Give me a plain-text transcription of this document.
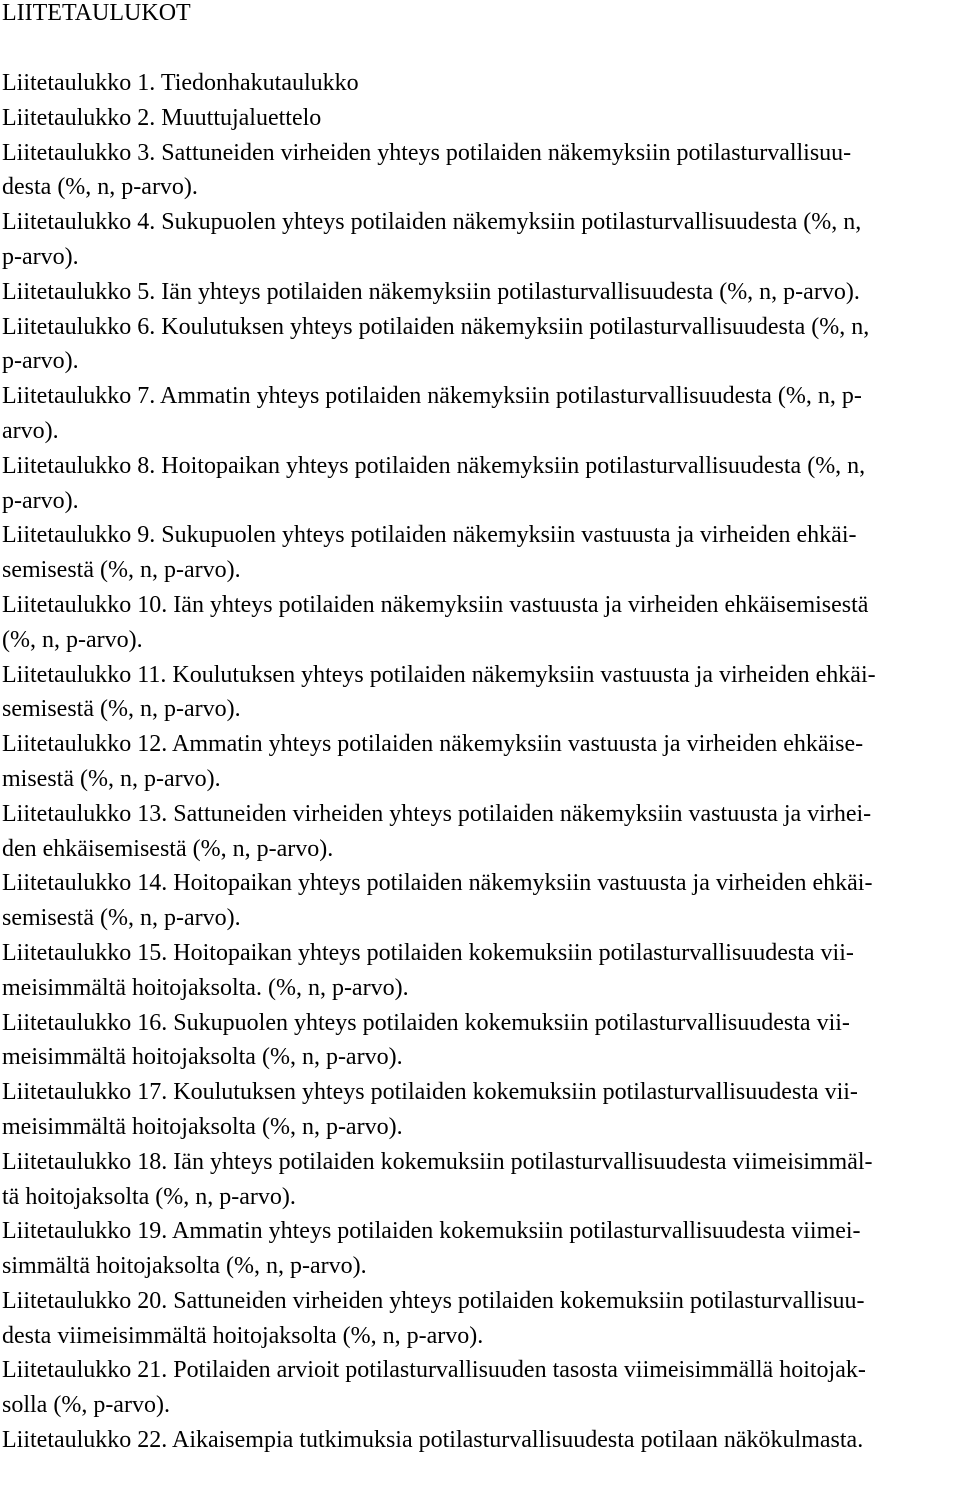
LIITETAULUKOT
Liitetaulukko 1. Tiedonhakutaulukko
Liitetaulukko 2. Muuttujaluettelo
Liitetaulukko 3. Sattuneiden virheiden yhteys potilaiden näkemyksiin potilasturvallisuu-
desta (%, n, p-arvo).
Liitetaulukko 4. Sukupuolen yhteys potilaiden näkemyksiin potilasturvallisuudesta (%, n,
p-arvo).
Liitetaulukko 5. Iän yhteys potilaiden näkemyksiin potilasturvallisuudesta (%, n, p-arvo).
Liitetaulukko 6. Koulutuksen yhteys potilaiden näkemyksiin potilasturvallisuudesta (%, n,
p-arvo).
Liitetaulukko 7. Ammatin yhteys potilaiden näkemyksiin potilasturvallisuudesta (%, n, p-
arvo).
Liitetaulukko 8. Hoitopaikan yhteys potilaiden näkemyksiin potilasturvallisuudesta (%, n,
p-arvo).
Liitetaulukko 9. Sukupuolen yhteys potilaiden näkemyksiin vastuusta ja virheiden ehkäi-
semisestä (%, n, p-arvo).
Liitetaulukko 10. Iän yhteys potilaiden näkemyksiin vastuusta ja virheiden ehkäisemisestä
(%, n, p-arvo).
Liitetaulukko 11. Koulutuksen yhteys potilaiden näkemyksiin vastuusta ja virheiden ehkäi-
semisestä (%, n, p-arvo).
Liitetaulukko 12. Ammatin yhteys potilaiden näkemyksiin vastuusta ja virheiden ehkäise-
misestä (%, n, p-arvo).
Liitetaulukko 13. Sattuneiden virheiden yhteys potilaiden näkemyksiin vastuusta ja virhei-
den ehkäisemisestä (%, n, p-arvo).
Liitetaulukko 14. Hoitopaikan yhteys potilaiden näkemyksiin vastuusta ja virheiden ehkäi-
semisestä (%, n, p-arvo).
Liitetaulukko 15. Hoitopaikan yhteys potilaiden kokemuksiin potilasturvallisuudesta vii-
meisimmältä hoitojaksolta. (%, n, p-arvo).
Liitetaulukko 16. Sukupuolen yhteys potilaiden kokemuksiin potilasturvallisuudesta vii-
meisimmältä hoitojaksolta (%, n, p-arvo).
Liitetaulukko 17. Koulutuksen yhteys potilaiden kokemuksiin potilasturvallisuudesta vii-
meisimmältä hoitojaksolta (%, n, p-arvo).
Liitetaulukko 18. Iän yhteys potilaiden kokemuksiin potilasturvallisuudesta viimeisimmäl-
tä hoitojaksolta (%, n, p-arvo).
Liitetaulukko 19. Ammatin yhteys potilaiden kokemuksiin potilasturvallisuudesta viimei-
simmältä hoitojaksolta (%, n, p-arvo).
Liitetaulukko 20. Sattuneiden virheiden yhteys potilaiden kokemuksiin potilasturvallisuu-
desta viimeisimmältä hoitojaksolta (%, n, p-arvo).
Liitetaulukko 21. Potilaiden arvioit potilasturvallisuuden tasosta viimeisimmällä hoitojak-
solla (%, p-arvo).
Liitetaulukko 22. Aikaisempia tutkimuksia potilasturvallisuudesta potilaan näkökulmasta.
